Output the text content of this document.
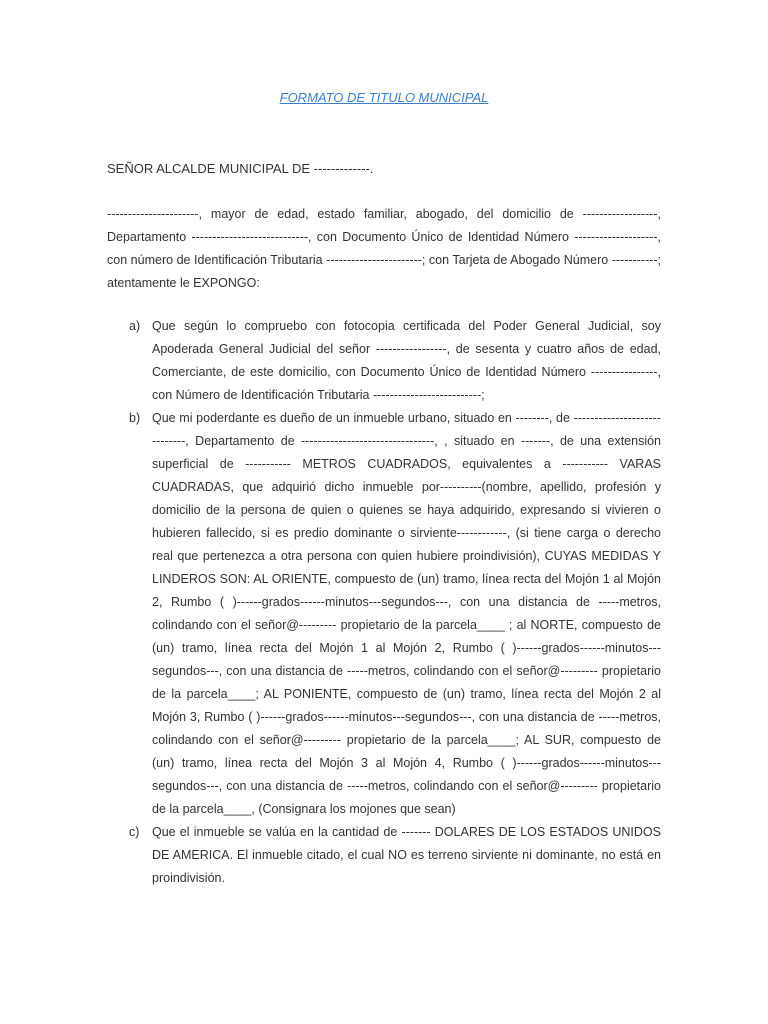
FORMATO DE TITULO MUNICIPAL
SEÑOR ALCALDE MUNICIPAL DE -------------.

----------------------, mayor de edad, estado familiar, abogado, del domicilio de ------------------, Departamento ----------------------------, con Documento Único de Identidad Número --------------------, con número de Identificación Tributaria -----------------------; con Tarjeta de Abogado Número -----------; atentamente le EXPONGO:

a) Que según lo compruebo con fotocopia certificada del Poder General Judicial, soy Apoderada General Judicial del señor -----------------, de sesenta y cuatro años de edad, Comerciante, de este domicilio, con Documento Único de Identidad Número ----------------, con Número de Identificación Tributaria --------------------------;
b) Que mi poderdante es dueño de un inmueble urbano, situado en --------, de -----------------------------, Departamento de --------------------------------, , situado en -------, de una extensión superficial de ----------- METROS CUADRADOS, equivalentes a ----------- VARAS CUADRADAS, que adquirió dicho inmueble por----------(nombre, apellido, profesión y domicilio de la persona de quien o quienes se haya adquirido, expresando si vivieren o hubieren fallecido, si es predio dominante o sirviente------------, (si tiene carga o derecho real que pertenezca a otra persona con quien hubiere proindivisión), CUYAS MEDIDAS Y LINDEROS SON: AL ORIENTE, compuesto de (un) tramo, línea recta del Mojón 1 al Mojón 2, Rumbo ( )------grados------minutos---segundos---, con una distancia de -----metros, colindando con el señor@--------- propietario de la parcela____ ; al NORTE, compuesto de (un) tramo, línea recta del Mojón 1 al Mojón 2, Rumbo ( )------grados------minutos---segundos---, con una distancia de -----metros, colindando con el señor@--------- propietario de la parcela____; AL PONIENTE, compuesto de (un) tramo, línea recta del Mojón 2 al Mojón 3, Rumbo ( )------grados------minutos---segundos---, con una distancia de -----metros, colindando con el señor@--------- propietario de la parcela____; AL SUR, compuesto de (un) tramo, línea recta del Mojón 3 al Mojón 4, Rumbo ( )------grados------minutos---segundos---, con una distancia de -----metros, colindando con el señor@--------- propietario de la parcela____, (Consignara los mojones que sean)
c)	Que el inmueble se valúa en la cantidad de ------- DOLARES DE LOS ESTADOS UNIDOS DE AMERICA. El inmueble citado, el cual NO es terreno sirviente ni dominante, no está en proindivisión.
